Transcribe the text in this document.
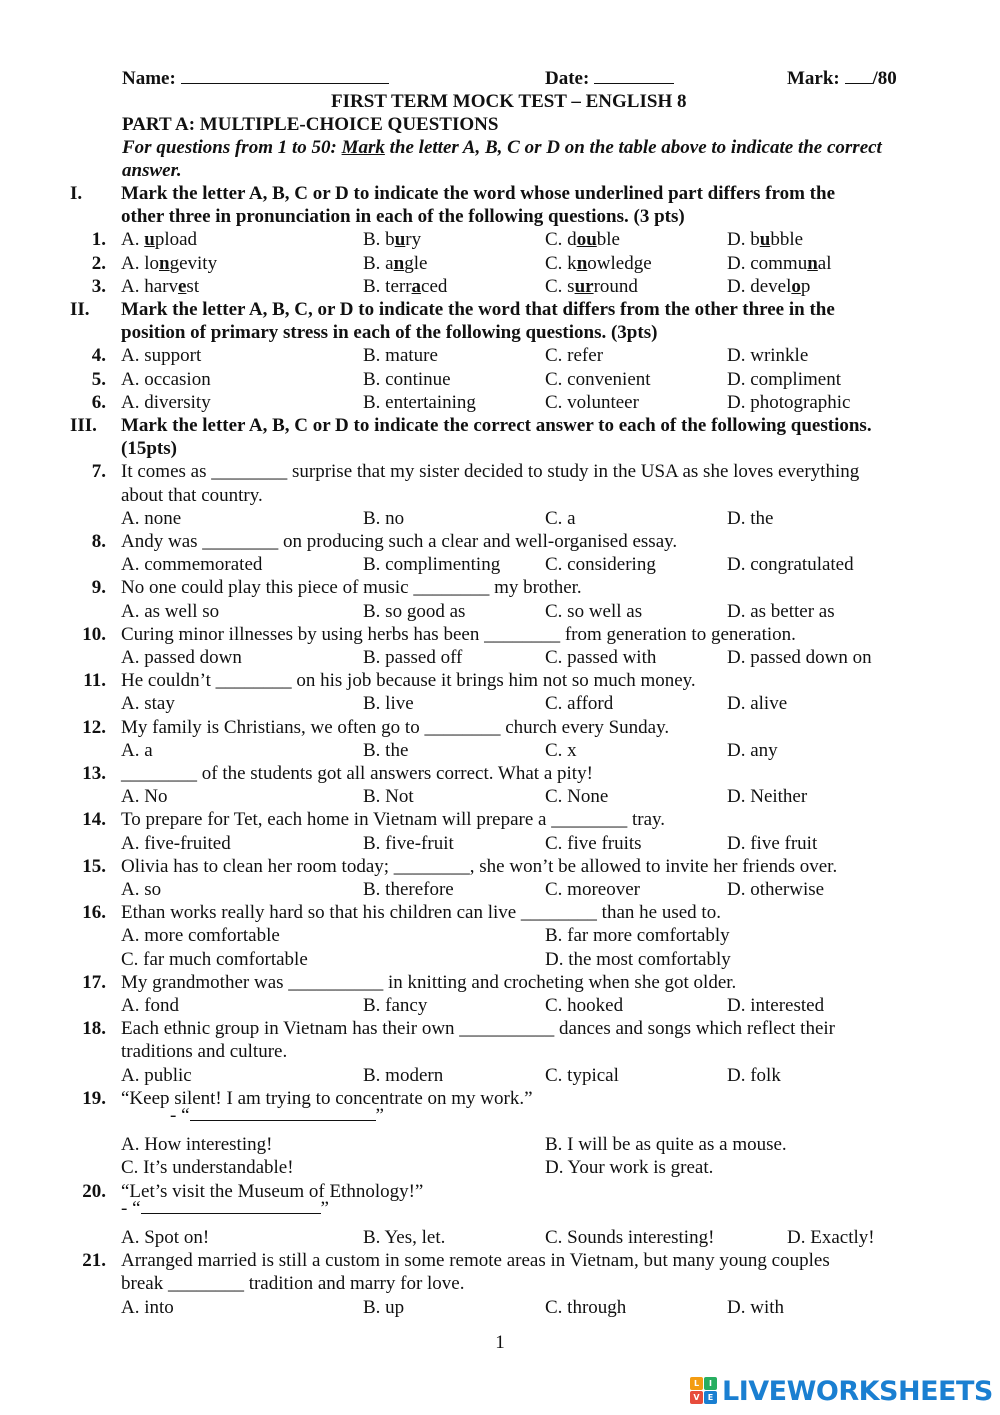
Name:	Date:	Mark: /80
FIRST TERM MOCK TEST – ENGLISH 8
PART A: MULTIPLE-CHOICE QUESTIONS
For questions from 1 to 50: Mark the letter A, B, C or D on the table above to indicate the correct
answer.
I. Mark the letter A, B, C or D to indicate the word whose underlined part differs from the
other three in pronunciation in each of the following questions. (3 pts)
1. A. upload	B. bury	C. double	D. bubble
2. A. longevity	B. angle	C. knowledge	D. communal
3. A. harvest	B. terraced	C. surround	D. develop
II. Mark the letter A, B, C, or D to indicate the word that differs from the other three in the
position of primary stress in each of the following questions. (3pts)
4. A. support	B. mature	C. refer	D. wrinkle
5. A. occasion	B. continue	C. convenient	D. compliment
6. A. diversity	B. entertaining	C. volunteer	D. photographic
III. Mark the letter A, B, C or D to indicate the correct answer to each of the following questions.
(15pts)
7. It comes as ________ surprise that my sister decided to study in the USA as she loves everything
about that country.
A. none	B. no	C. a	D. the
8. Andy was ________ on producing such a clear and well-organised essay.
A. commemorated	B. complimenting C. considering	D. congratulated
9. No one could play this piece of music ________ my brother.
A. as well so	B. so good as	C. so well as	D. as better as
10. Curing minor illnesses by using herbs has been ________ from generation to generation.
A. passed down	B. passed off	C. passed with	D. passed down on
11. He couldn’t ________ on his job because it brings him not so much money.
A. stay	B. live	C. afford	D. alive
12. My family is Christians, we often go to ________ church every Sunday.
A. a	B. the	C. x	D. any
13. ________ of the students got all answers correct. What a pity!
A. No	B. Not	C. None	D. Neither
14. To prepare for Tet, each home in Vietnam will prepare a ________ tray.
A. five-fruited	B. five-fruit	C. five fruits	D. five fruit
15. Olivia has to clean her room today; ________, she won’t be allowed to invite her friends over.
A. so	B. therefore	C. moreover	D. otherwise
16. Ethan works really hard so that his children can live ________ than he used to.
A. more comfortable	B. far more comfortably
C. far much comfortable	D. the most comfortably
17. My grandmother was __________ in knitting and crocheting when she got older.
A. fond	B. fancy	C. hooked	D. interested
18. Each ethnic group in Vietnam has their own __________ dances and songs which reflect their
traditions and culture.
A. public	B. modern	C. typical	D. folk
19. “Keep silent! I am trying to concentrate on my work.”
- “	”
A. How interesting!	B. I will be as quite as a mouse.
C. It’s understandable!	D. Your work is great.
20. “Let’s visit the Museum of Ethnology!”
- “	”
A. Spot on!	B. Yes, let.	C. Sounds interesting!	D. Exactly!
21. Arranged married is still a custom in some remote areas in Vietnam, but many young couples
break ________ tradition and marry for love.
A. into	B. up	C. through	D. with
1
L	I
V	E LIVEWORKSHEETS
